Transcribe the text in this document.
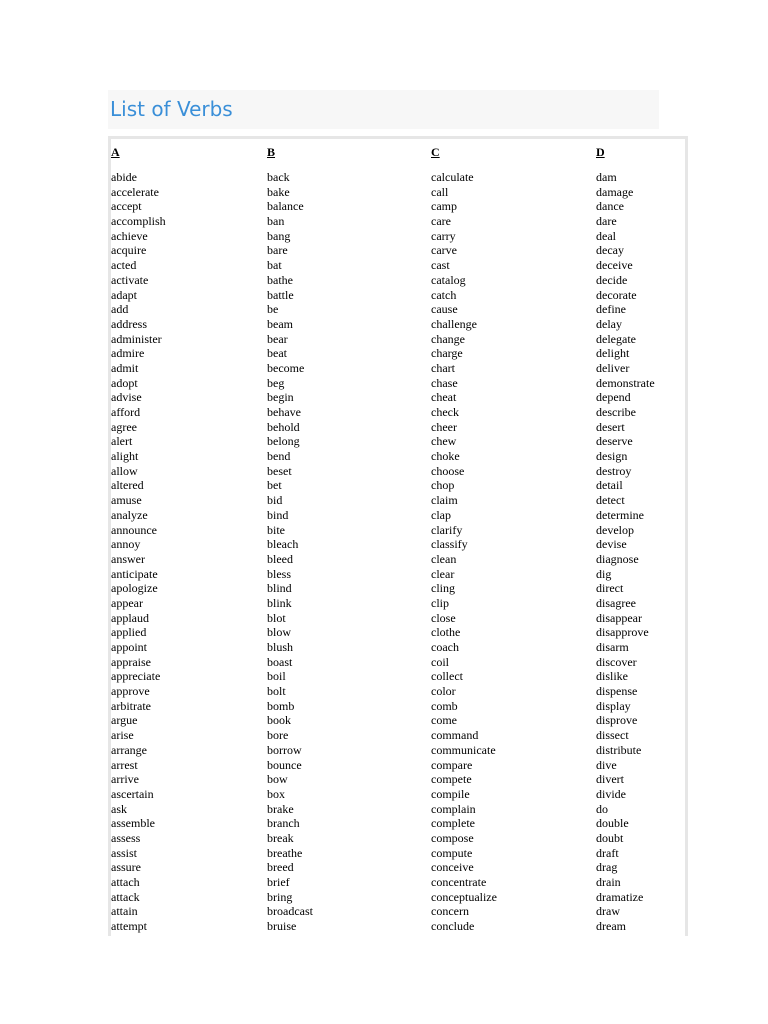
List of Verbs
A
abide
accelerate
accept
accomplish
achieve
acquire
acted
activate
adapt
add
address
administer
admire
admit
adopt
advise
afford
agree
alert
alight
allow
altered
amuse
analyze
announce
annoy
answer
anticipate
apologize
appear
applaud
applied
appoint
appraise
appreciate
approve
arbitrate
argue
arise
arrange
arrest
arrive
ascertain
ask
assemble
assess
assist
assure
attach
attack
attain
attempt
B
back
bake
balance
ban
bang
bare
bat
bathe
battle
be
beam
bear
beat
become
beg
begin
behave
behold
belong
bend
beset
bet
bid
bind
bite
bleach
bleed
bless
blind
blink
blot
blow
blush
boast
boil
bolt
bomb
book
bore
borrow
bounce
bow
box
brake
branch
break
breathe
breed
brief
bring
broadcast
bruise
C
calculate
call
camp
care
carry
carve
cast
catalog
catch
cause
challenge
change
charge
chart
chase
cheat
check
cheer
chew
choke
choose
chop
claim
clap
clarify
classify
clean
clear
cling
clip
close
clothe
coach
coil
collect
color
comb
come
command
communicate
compare
compete
compile
complain
complete
compose
compute
conceive
concentrate
conceptualize
concern
conclude
D
dam
damage
dance
dare
deal
decay
deceive
decide
decorate
define
delay
delegate
delight
deliver
demonstrate
depend
describe
desert
deserve
design
destroy
detail
detect
determine
develop
devise
diagnose
dig
direct
disagree
disappear
disapprove
disarm
discover
dislike
dispense
display
disprove
dissect
distribute
dive
divert
divide
do
double
doubt
draft
drag
drain
dramatize
draw
dream
